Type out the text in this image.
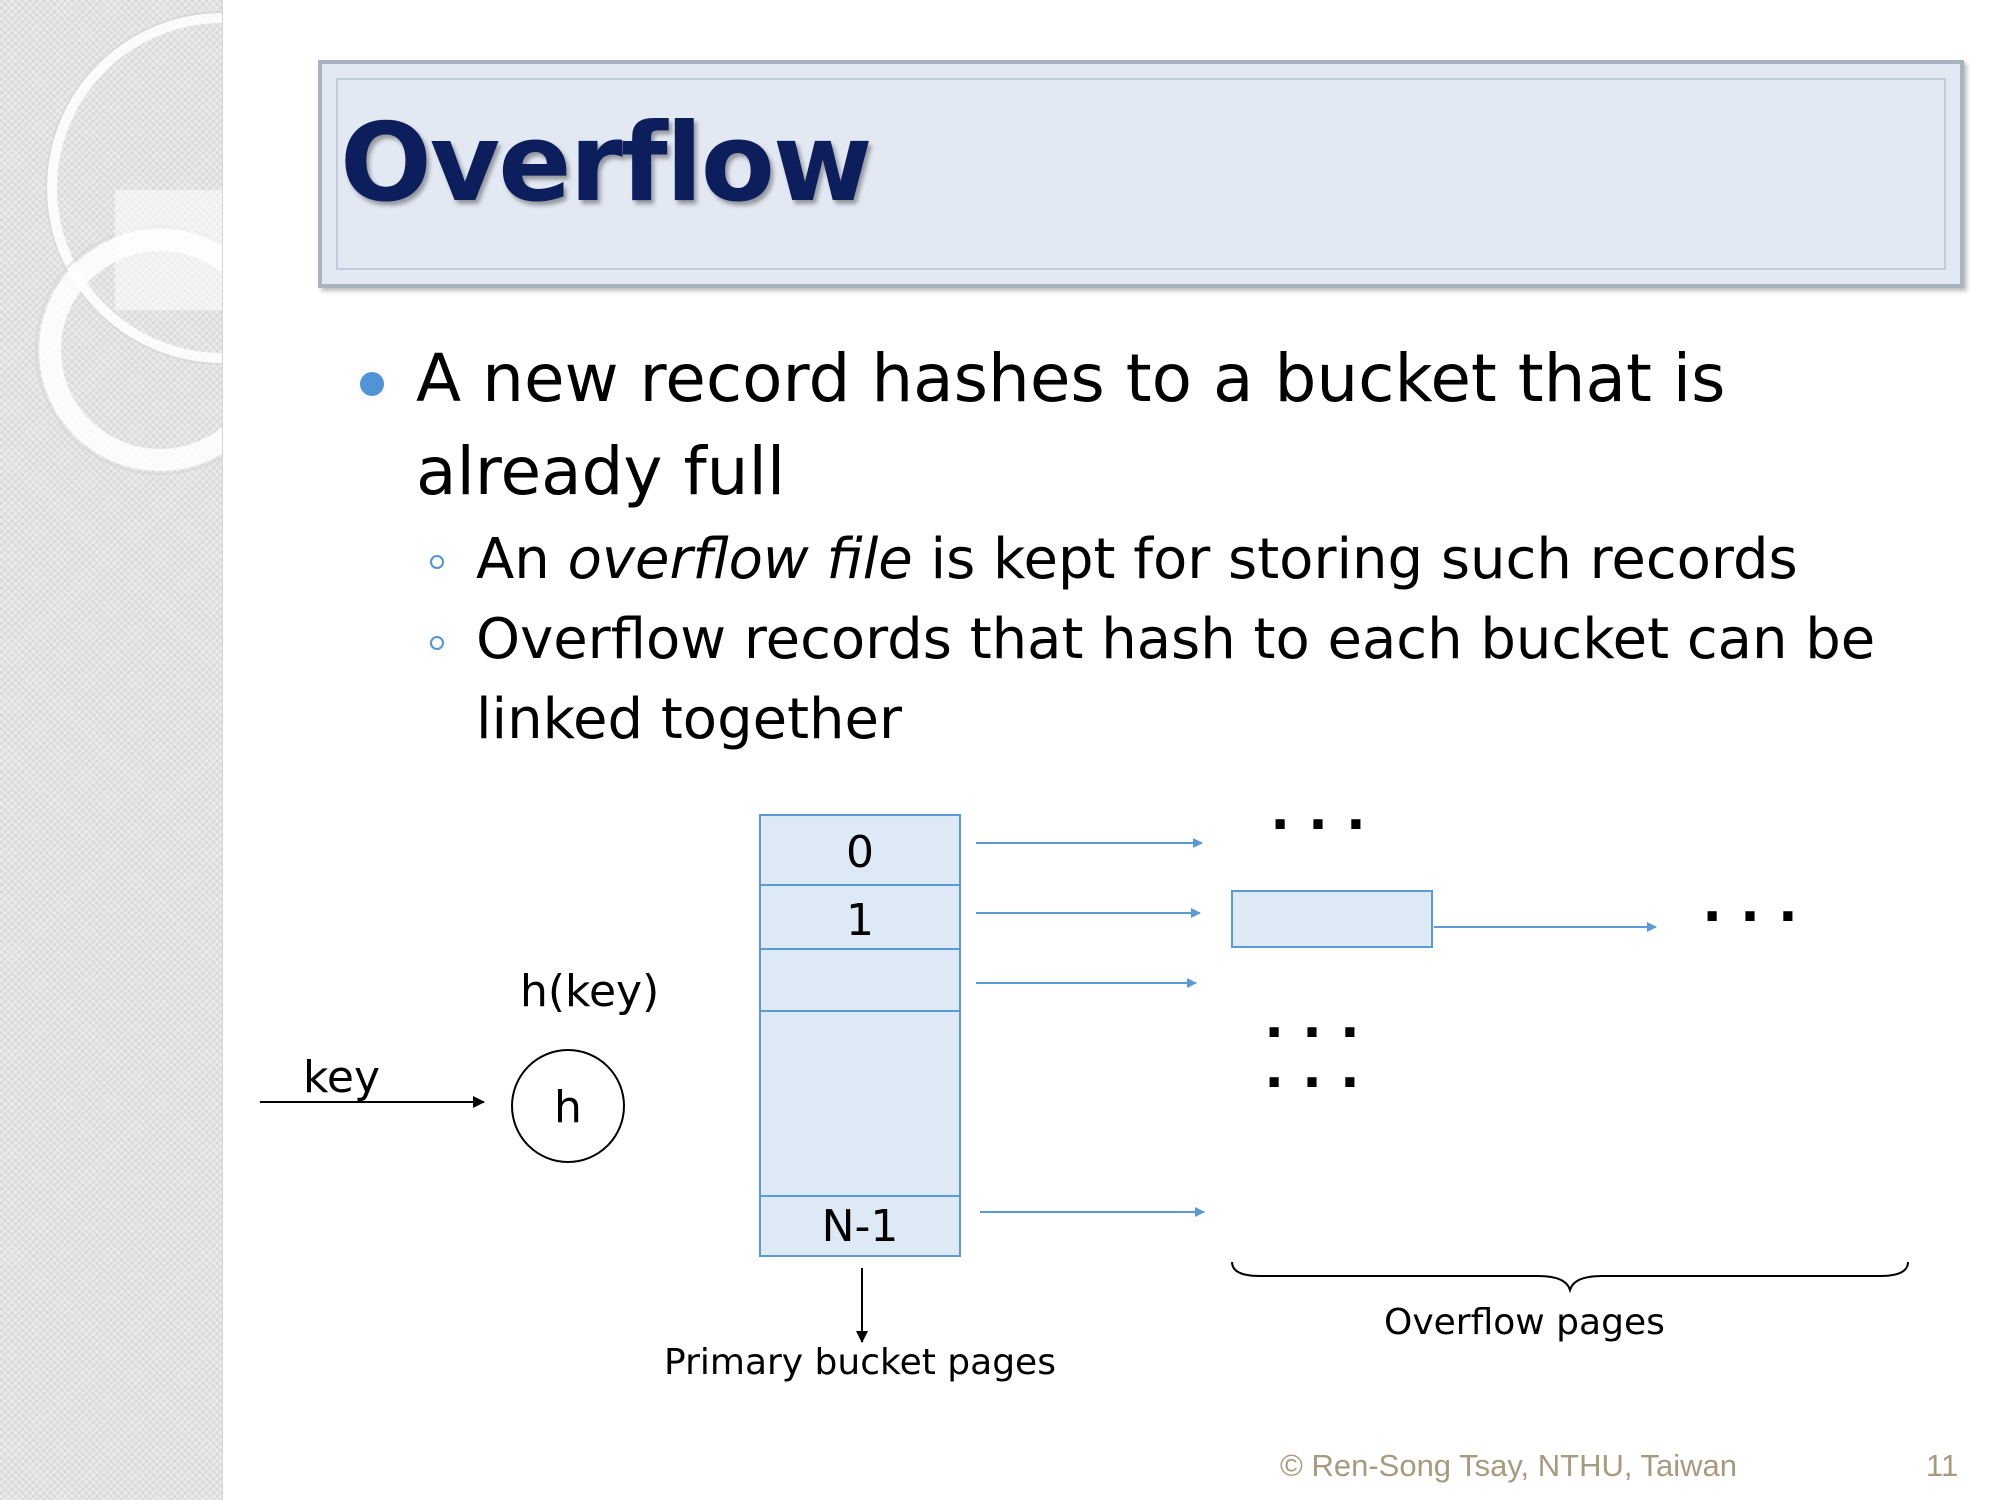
Overflow
A new record hashes to a bucket that is already full
An overflow file is kept for storing such records
Overflow records that hash to each bucket can be linked together
key
h(key)
h
0
1
N-1
· · ·
· · ·
· · ·
· · ·
Primary bucket pages
Overflow pages
© Ren-Song Tsay, NTHU, Taiwan	11
